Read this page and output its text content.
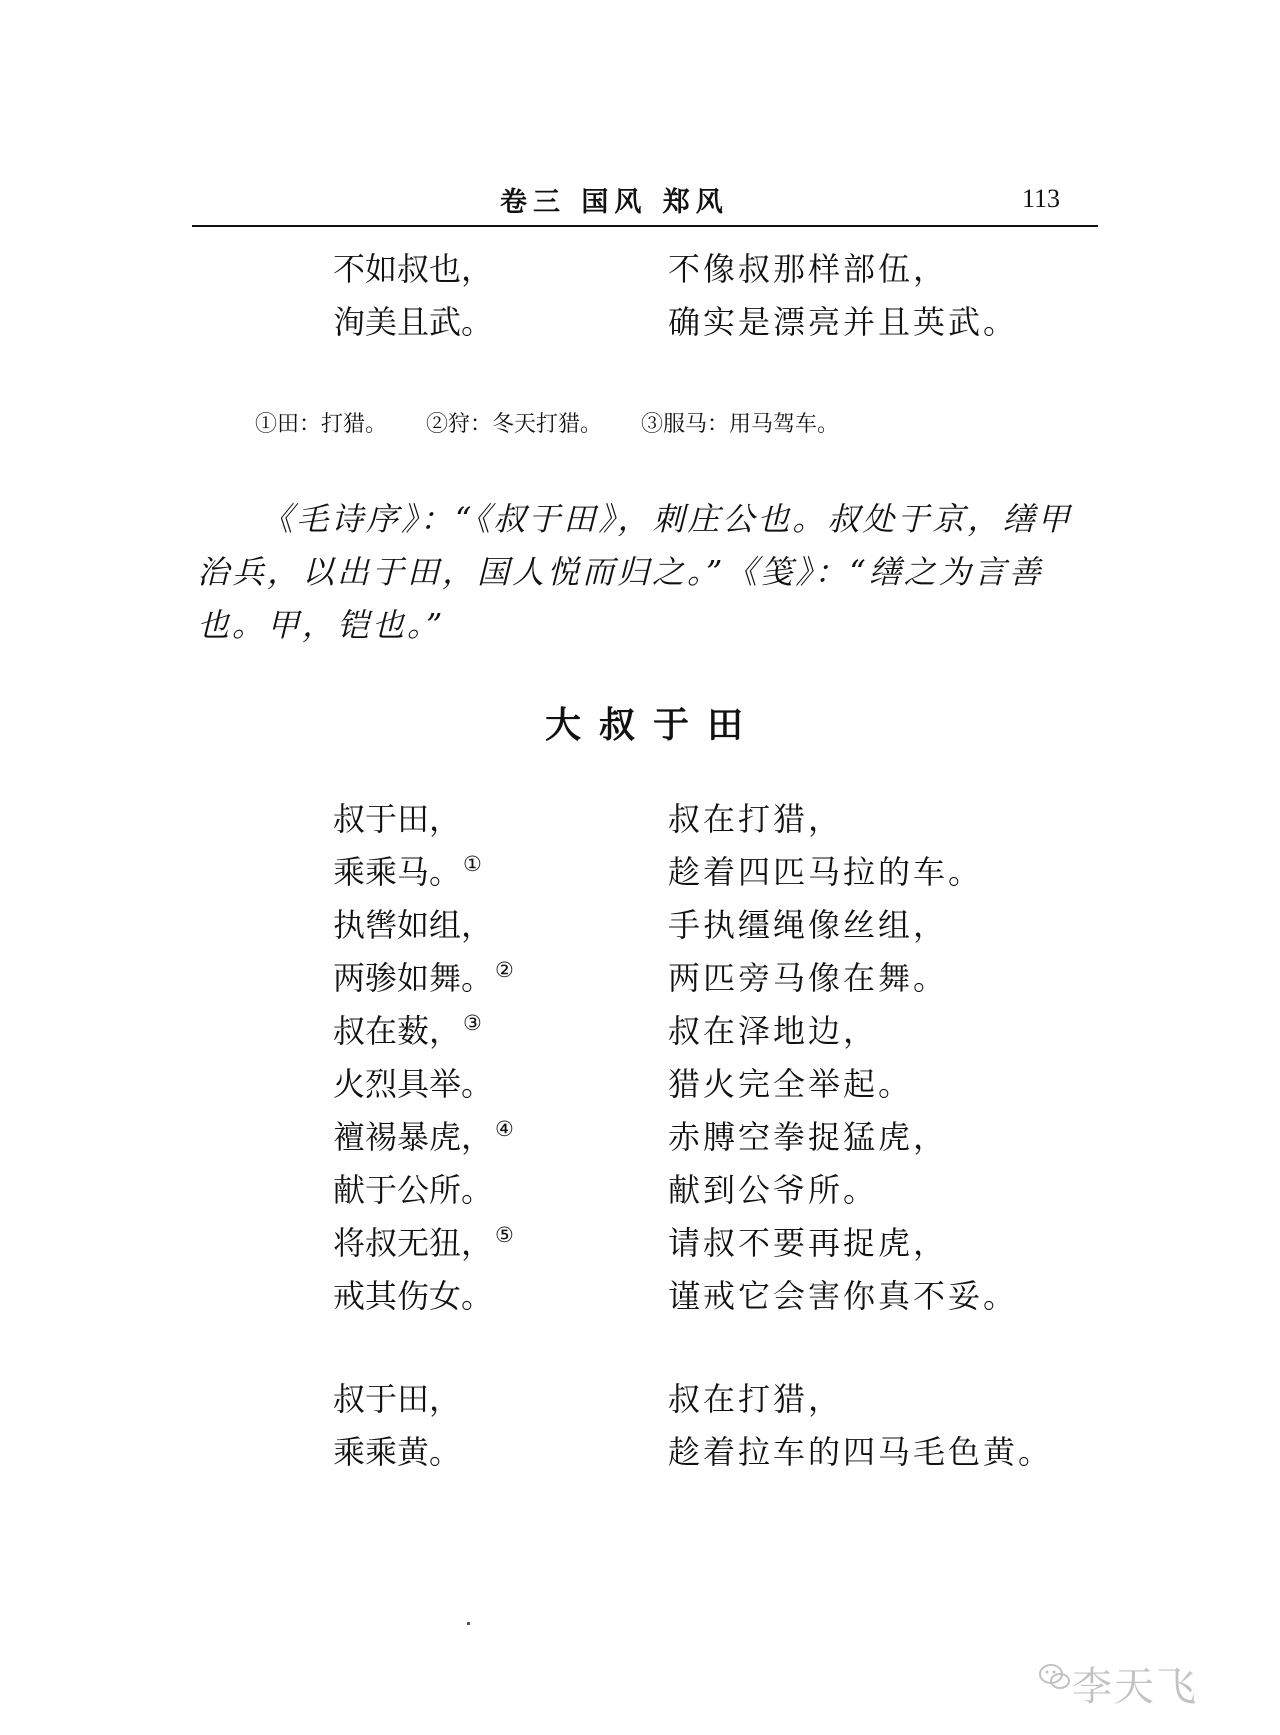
卷三 国风 郑风	113
不如叔也，	不像叔那样部伍，
洵美且武。	确实是漂亮并且英武。
①田：打猎。 ②狩：冬天打猎。 ③服马：用马驾车。
《毛诗序》：“《叔于田》，刺庄公也。叔处于京，缮甲治兵，以出于田，国人悦而归之。”《笺》：“缮之为言善也。甲，铠也。”
大叔于田
叔于田，	叔在打猎，
乘乘马。①	趁着四匹马拉的车。
执辔如组，	手执缰绳像丝组，
两骖如舞。②	两匹旁马像在舞。
叔在薮，③	叔在泽地边，
火烈具举。	猎火完全举起。
襢裼暴虎，④	赤膊空拳捉猛虎，
献于公所。	献到公爷所。
将叔无狃，⑤	请叔不要再捉虎，
戒其伤女。	谨戒它会害你真不妥。
叔于田，	叔在打猎，
乘乘黄。	趁着拉车的四马毛色黄。
李天飞
